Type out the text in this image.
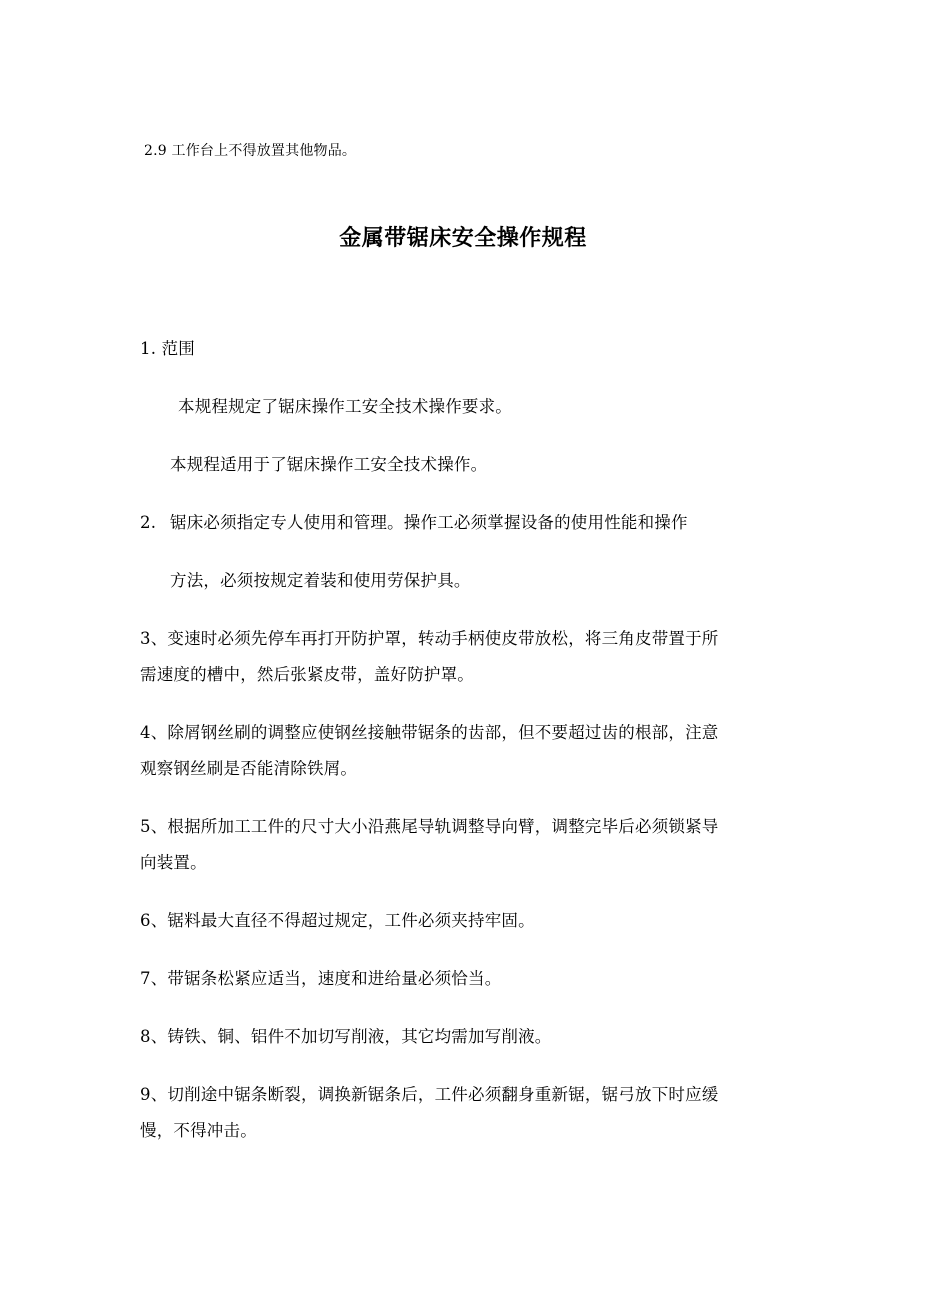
2.9 工作台上不得放置其他物品。
金属带锯床安全操作规程
1. 范围
本规程规定了锯床操作工安全技术操作要求。
本规程适用于了锯床操作工安全技术操作。
2. 锯床必须指定专人使用和管理。操作工必须掌握设备的使用性能和操作
方法，必须按规定着装和使用劳保护具。
3、变速时必须先停车再打开防护罩，转动手柄使皮带放松，将三角皮带置于所
需速度的槽中，然后张紧皮带，盖好防护罩。
4、除屑钢丝刷的调整应使钢丝接触带锯条的齿部，但不要超过齿的根部，注意
观察钢丝刷是否能清除铁屑。
5、根据所加工工件的尺寸大小沿燕尾导轨调整导向臂，调整完毕后必须锁紧导
向装置。
6、锯料最大直径不得超过规定，工件必须夹持牢固。
7、带锯条松紧应适当，速度和进给量必须恰当。
8、铸铁、铜、铝件不加切写削液，其它均需加写削液。
9、切削途中锯条断裂，调换新锯条后，工件必须翻身重新锯，锯弓放下时应缓
慢，不得冲击。
